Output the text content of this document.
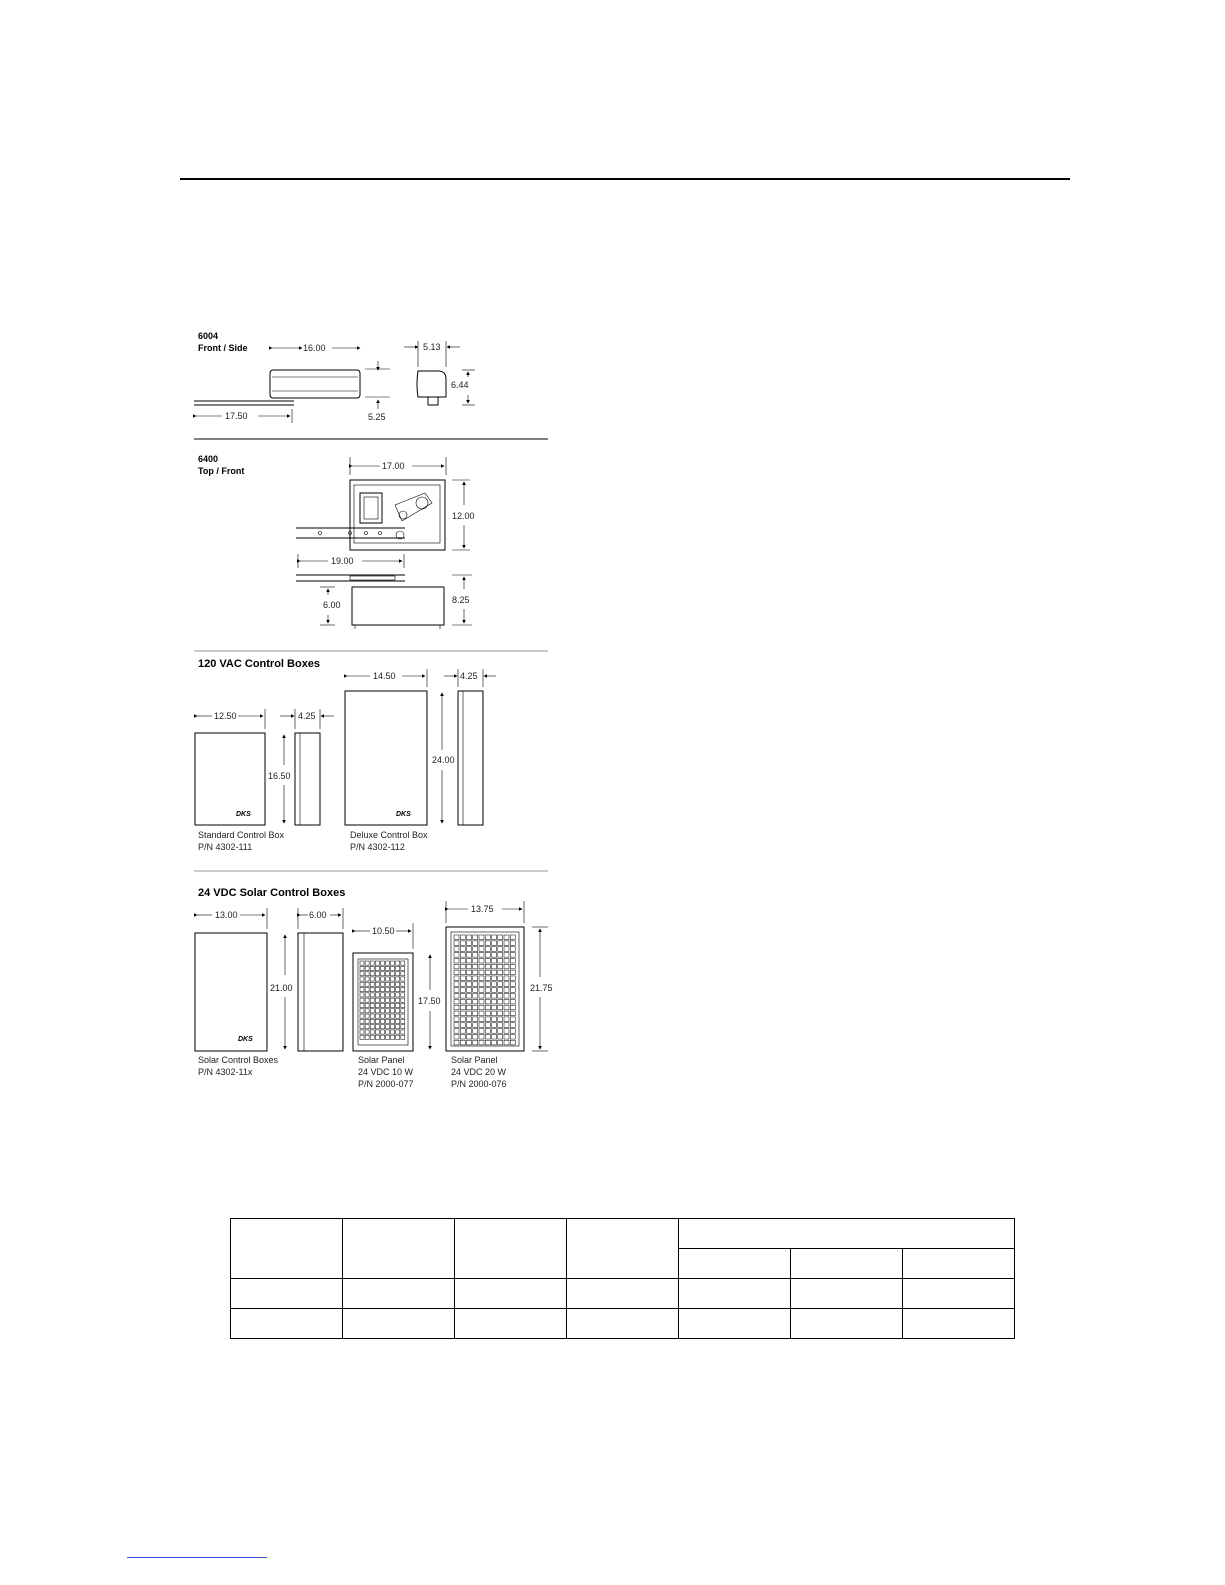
6004
Front / Side	16.00
17.50	5.25
5.13
6.44
6400
Top / Front	17.00
12.00
19.00
6.00	8.25
120 VAC Control Boxes
DKS
12.50	4.25
16.50
Standard Control Box
P/N 4302-111
DKS
14.50	4.25
24.00
Deluxe Control Box
P/N 4302-112
24 VDC Solar Control Boxes
DKS
13.00	6.00
21.00
Solar Control Boxes
P/N 4302-11x
10.50
17.50
Solar Panel
24 VDC 10 W
P/N 2000-077
13.75
21.75
Solar Panel
24 VDC 20 W
P/N 2000-076
